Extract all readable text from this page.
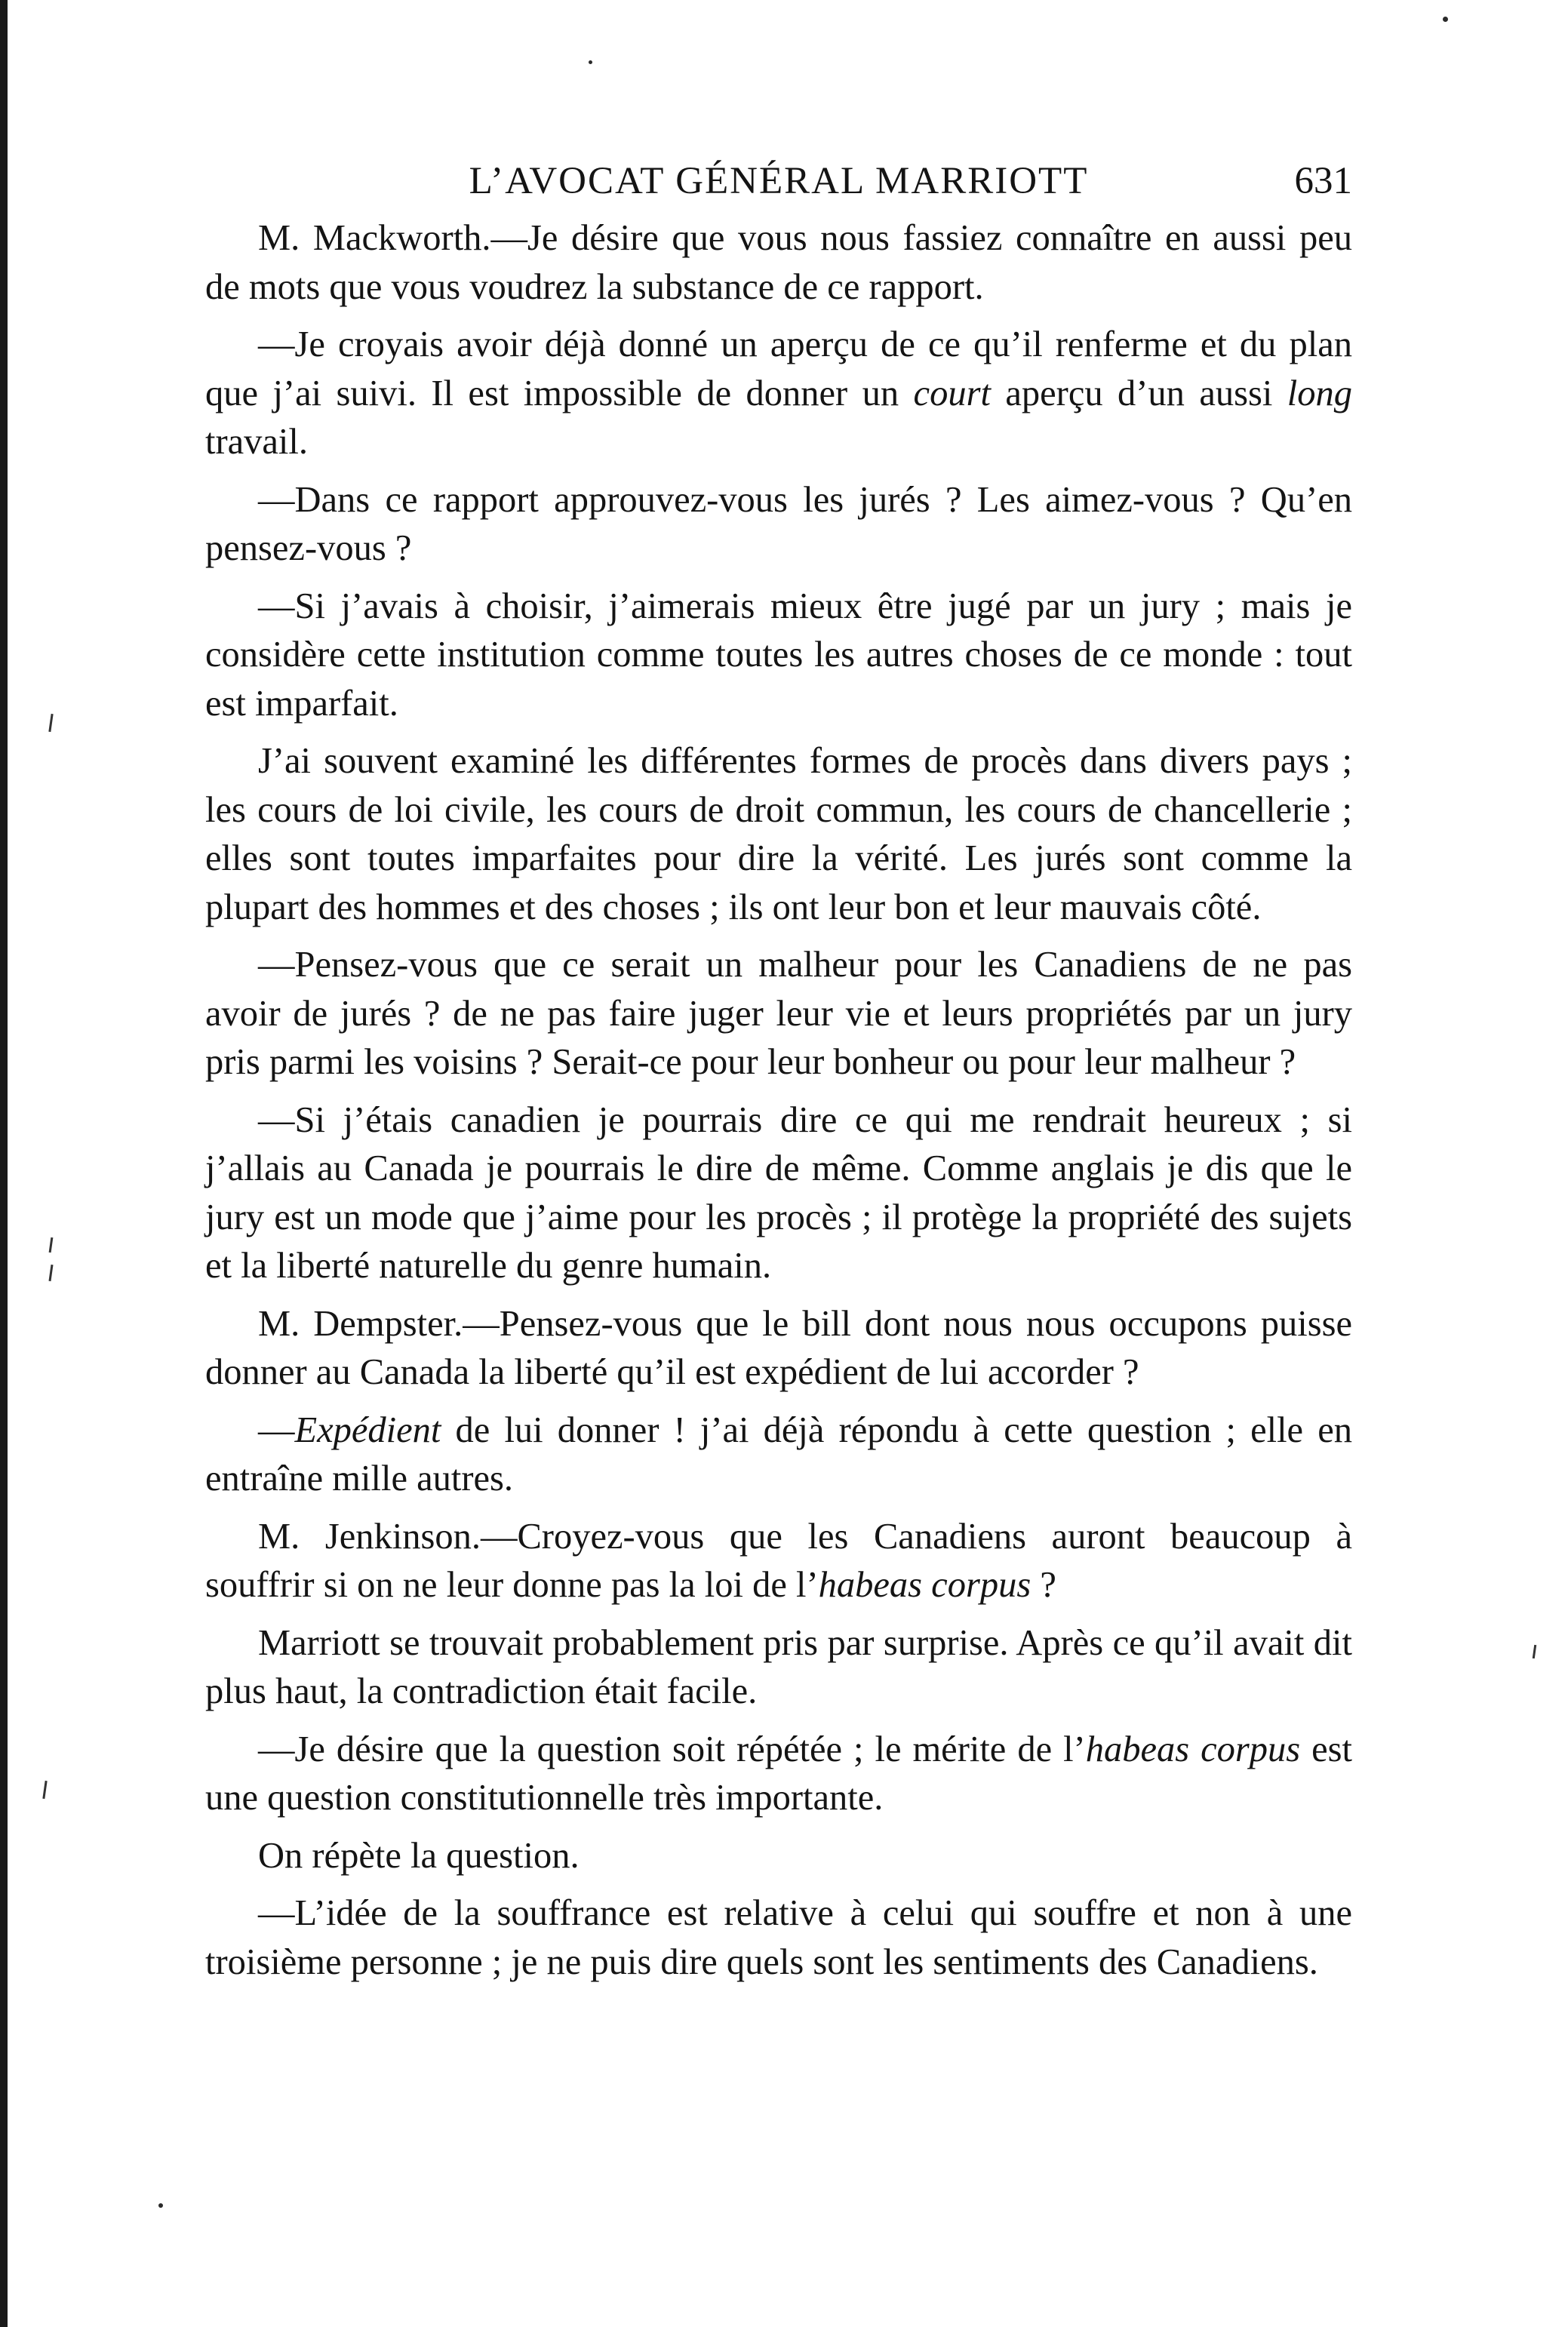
L’AVOCAT GÉNÉRAL MARRIOTT	631

M. Mackworth.—Je désire que vous nous fassiez connaître en aussi peu de mots que vous voudrez la substance de ce rapport.

—Je croyais avoir déjà donné un aperçu de ce qu’il renferme et du plan que j’ai suivi. Il est impossible de donner un court aperçu d’un aussi long travail.

—Dans ce rapport approuvez-vous les jurés ? Les aimez-vous ? Qu’en pensez-vous ?

—Si j’avais à choisir, j’aimerais mieux être jugé par un jury ; mais je considère cette institution comme toutes les autres choses de ce monde : tout est imparfait.

J’ai souvent examiné les différentes formes de procès dans divers pays ; les cours de loi civile, les cours de droit commun, les cours de chancellerie ; elles sont toutes imparfaites pour dire la vérité. Les jurés sont comme la plupart des hommes et des choses ; ils ont leur bon et leur mauvais côté.

—Pensez-vous que ce serait un malheur pour les Canadiens de ne pas avoir de jurés ? de ne pas faire juger leur vie et leurs propriétés par un jury pris parmi les voisins ? Serait-ce pour leur bonheur ou pour leur malheur ?

—Si j’étais canadien je pourrais dire ce qui me rendrait heureux ; si j’allais au Canada je pourrais le dire de même. Comme anglais je dis que le jury est un mode que j’aime pour les procès ; il protège la propriété des sujets et la liberté naturelle du genre humain.

M. Dempster.—Pensez-vous que le bill dont nous nous occupons puisse donner au Canada la liberté qu’il est expédient de lui accorder ?

—Expédient de lui donner ! j’ai déjà répondu à cette question ; elle en entraîne mille autres.

M. Jenkinson.—Croyez-vous que les Canadiens auront beaucoup à souffrir si on ne leur donne pas la loi de l’habeas corpus ?

Marriott se trouvait probablement pris par surprise. Après ce qu’il avait dit plus haut, la contradiction était facile.

—Je désire que la question soit répétée ; le mérite de l’habeas corpus est une question constitutionnelle très importante.

On répète la question.

—L’idée de la souffrance est relative à celui qui souffre et non à une troisième personne ; je ne puis dire quels sont les sentiments des Canadiens.
